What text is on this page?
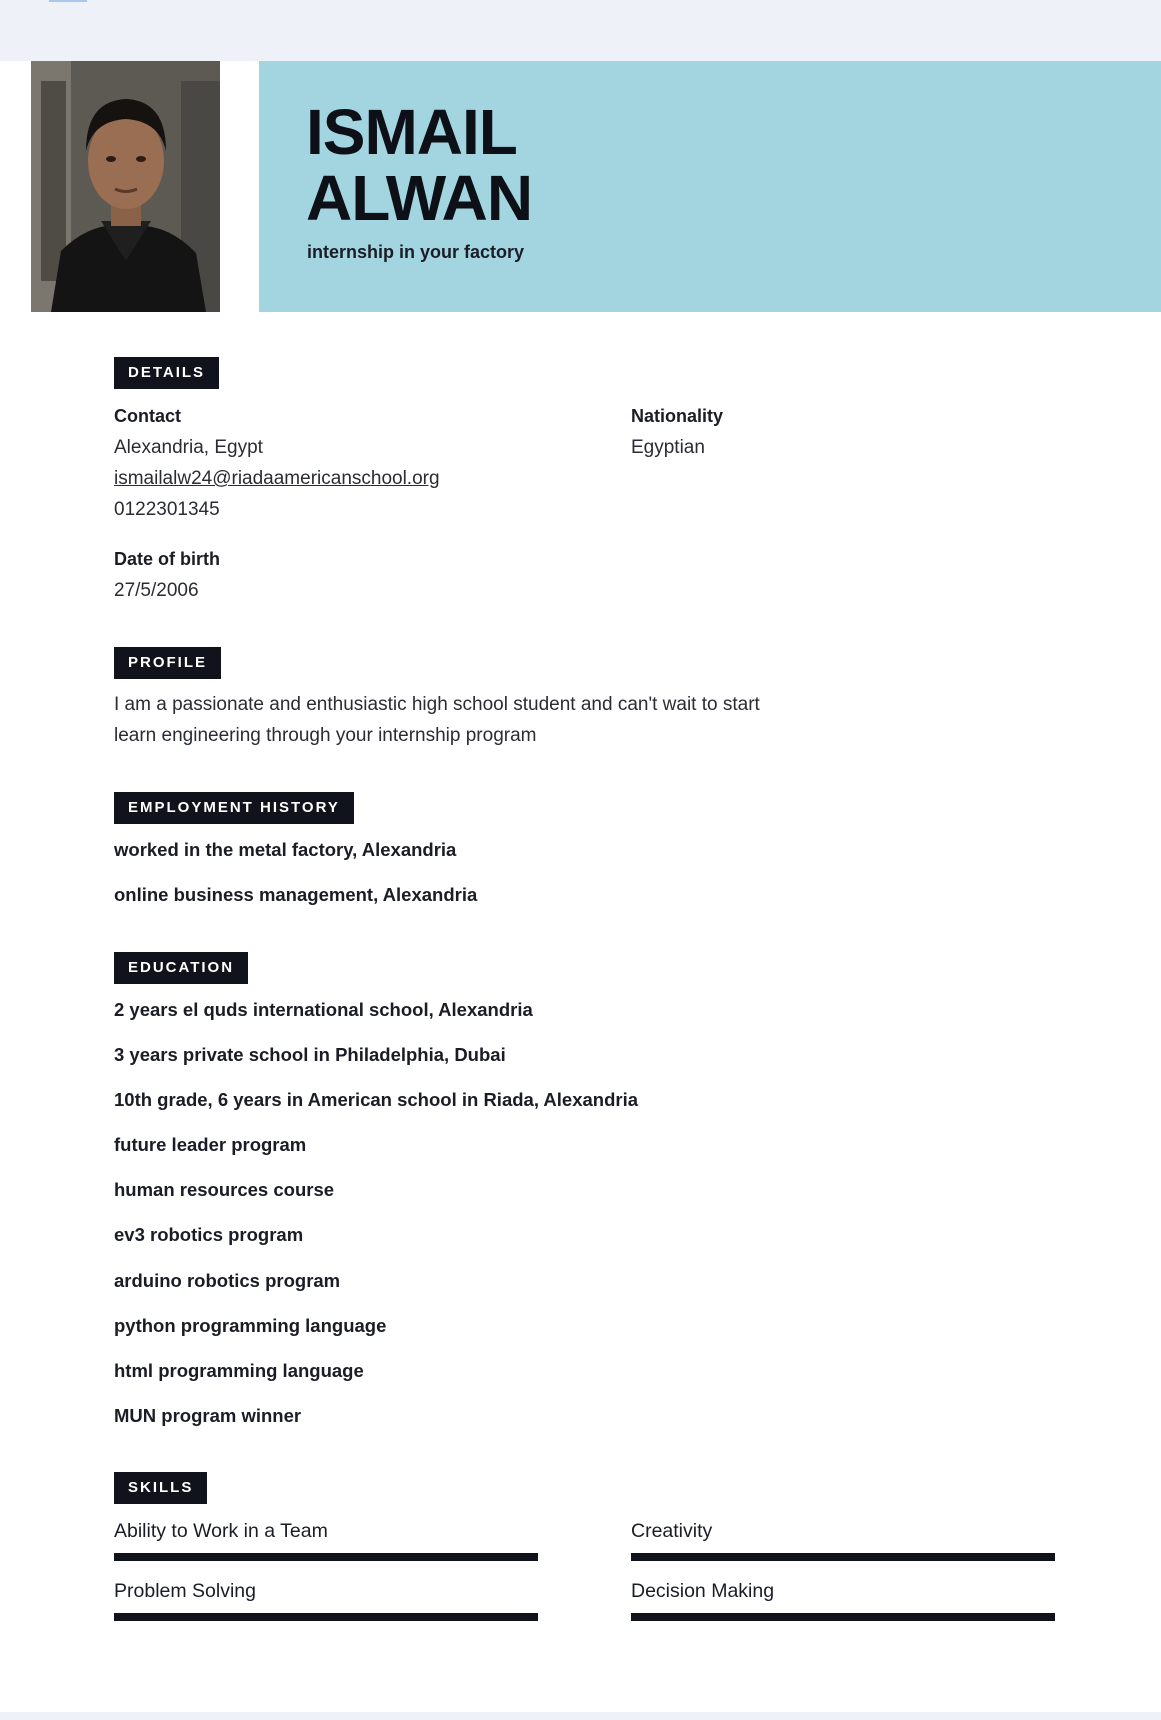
ISMAIL
ALWAN
internship in your factory
DETAILS
Contact
Alexandria, Egypt
ismailalw24@riadaamericanschool.org
0122301345
Nationality
Egyptian
Date of birth
27/5/2006
PROFILE
I am a passionate and enthusiastic high school student and can't wait to start
learn engineering through your internship program
EMPLOYMENT HISTORY
worked in the metal factory, Alexandria
online business management, Alexandria
EDUCATION
2 years el quds international school, Alexandria
3 years private school in Philadelphia, Dubai
10th grade, 6 years in American school in Riada, Alexandria
future leader program
human resources course
ev3 robotics program
arduino robotics program
python programming language
html programming language
MUN program winner
SKILLS
Ability to Work in a Team	Creativity
Problem Solving	Decision Making
